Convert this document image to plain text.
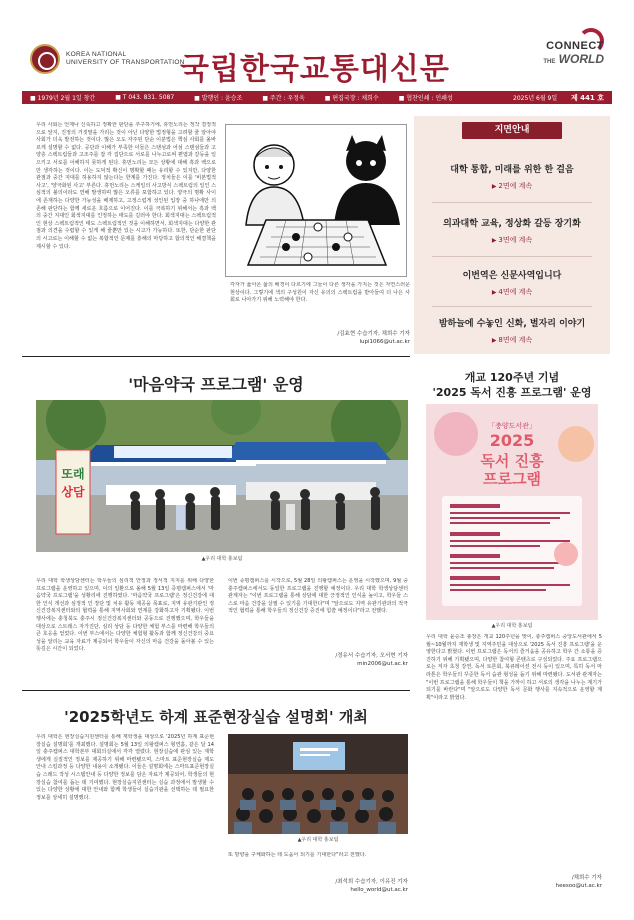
KOREA NATIONAL
UNIVERSITY OF TRANSPORTATION
국립한국교통대신문
CONNECT
THE WORLD
■ 1979년 2월 1일 창간	■ T 043. 831. 5087	■ 발행인 : 윤승조	■ 주간 : 우정욱	■ 편집국장 : 채희수	■ 협찬인쇄 : 인쇄성	2025년 6월 9일 제 441 호
우리 사회는 언제나 신속하고 정확한 판단을 추구하기에, 휴먼노리는 정작 결정적으로 앞지, 진정의 거짓말을 가리는 것이 아닌 다양한 법정형을 고려할 줄 알아야 사회가 더욱 발전하는 것이다. 많은 오도 자주된 단순 이분법은 핵심 사회를 올바르게 설명할 수 없다. 공단과 이해가 부족한 이들은 스탠섬과 어섬 스탠섬들과 고양층 스펙트럼들과 고조주를 잡 각 집단으로 서로를 나누고로써 편엽과 갈등을 일으키고 서로를 이해하지 못하게 된다. 휴먼노리는 모든 상황에 대해 흑과 백으로만 생각하는 것이다. 이는 도덕적 확신이 명확할 때는 유리할 수 있지만, 다양한 관점과 중간 지대를 허용하지 않는다는 한계를 가진다. 정치들은 이를 '비본법적 사고', '양극화된 사고' 부른다. 휴먼노리는 스케일의 사고방식 스펙트럼의 일인 스심적의 불의이라도 연해 발생하며 많은 오류를 포함하고 있다. 양극의 명확 사이에 존재하는 다양한 가능성을 배제하고, 고정스럽게 성인된 입장 중 하나에만 의존해 판단하는 함께 새로운 흐름으로 이어진다. 이를 극복하기 위해서는 흑과 백의 중간 지대인 회색지대를 인정하는 태도를 길러야 한다. 회색지대는 스펙트럼적인 현상 스펙트럼적인 태도 스펙트럼적인 것을 이해하면서, 회색지대는 다양한 관점과 의견을 수렴할 수 있게 해 줄뿐만 있는 시고가 가능하다. 또한, 단순한 판단의 시고로는 이해할 수 없는 복합적인 문제를 흥해의 마당하고 합의적인 해결책을 제시할 수 있다.
각자가 옳아온 삶의 배경이 다르기에 그들이 다른 생각을 가지는 것은 자연스러운 현상이다. 그렇기에 색의 구성원이 자신 유의의 스펙트럼을 받아들여 더 나은 사회로 나아가기 위해 노력해야 한다.
/김효현 수습기자, 채희수 기자
lupi1066@ut.ac.kr
지면안내
대학 통합, 미래를 위한 한 걸음
▶ 2면에 계속
의과대학 교육, 정상화 갈등 장기화
▶ 3면에 계속
이번역은 신문사역입니다
▶ 4면에 계속
밤하늘에 수놓인 신화, 별자리 이야기
▶ 8면에 계속
'마음약국 프로그램' 운영
또래
상담
▲우리 대학 홍보팀
우리 대학 학생상담센터는 학우들의 심리적 안정과 정서적 지지를 위해 다양한 프로그램을 운영하고 있으며, 이의 일환으로 올해 5월 13일 증평캠퍼스에서 '마음약국 프로그램'을 성황리에 진행하였다. '마음약국 프로그램'은 정신건강에 대한 인식 개선과 심정적 인 장단 및 치유 활동 제공을 목표로, 지역 유관기관인 정신건강복지센터와의 협력을 통해 지역사회와 연계를 강화하고자 기획됐다. 이번 행사에는 충청북도 충주시 정신건강복지센터와 공동으로 진행했으며, 학우들을 대상으로 스트레스 자가진단, 심리 상담 등 다양한 체험 부스를 마련해 학우들의 큰 호응을 얻었다. 이번 부스에서는 다양한 체험형 활동과 함께 정신건강의 중요성을 알리는 교육 자료가 제공되어 학우들이 자신의 마음 건강을 돌아볼 수 있는 뜻깊은 시간이 되었다.
이번 증평캠퍼스를 시작으로, 5월 28일 의왕캠퍼스는 운영을 시작했으며, 9월 중 충주캠퍼스에서도 동일한 프로그램을 진행할 예정이다. 우리 대학 학생상담센터 관계자는 "이번 프로그램을 통해 상담에 대한 긍정적인 인식을 높이고, 학우들 스스로 마음 건강을 살필 수 있기를 기대한다"며 "앞으로도 지역 유관기관과의 적극적인 협력을 통해 학우들의 정신건강 증진에 힘쓸 예정이다"라고 전했다.
/정유서 수습기자, 오서현 기자
min2006@ut.ac.kr
'2025학년도 하계 표준현장실습 설명회' 개최
우리 대학은 현장실습지원센터를 통해 재학생을 대상으로 '2025년 하계 표준현장실습 설명회'를 개최했다. 설명회는 5월 13일 의왕캠퍼스 형연홀, 같은 달 14일 충주캠퍼스 대학본부 대회의실에서 각각 열렸다. 현장실습에 관심 있는 재학생에게 실질적인 정보를 제공하기 위해 마련됐으며, 스마트 표준현장실습 제도 안내 스킬과정 등 다양한 내용이 소개됐다. 이들은 설명회에는 스마트표준현장실습 스레드 작성 시스템안내 등 다양한 정보를 담은 자료가 제공되어, 학생들의 현장실습 참여를 돕는 데 기여했다. 현장실습지원센터는 실습 과정에서 발생할 수 있는 다양한 상황에 대한 안내와 함께 학생들이 실습기관을 선택하는 데 필요한 정보를 상세히 설명했다.
▲우리 대학 홍보팀
또 방향을 구체화하는 데 도움이 되기를 기대한다"라고 전했다.
/최석희 수습기자, 이유진 기자
hello_world@ut.ac.kr
개교 120주년 기념
'2025 독서 진흥 프로그램' 운영
「충양도서관」
2025
독서 진흥
프로그램
▲우리 대학 홍보팀
우리 대학 윤승조 총장은 개교 120주년을 맞이, 충주캠퍼스 중앙도서관에서 5월~10월까지 재학생 및 지역주민을 대상으로 '2025 독서 진흥 프로그램'을 운영한다고 밝혔다. 이번 프로그램은 독서의 즐거움을 공유하고 학우 간 소통을 증진하기 위해 기획됐으며, 다양한 참여형 콘텐츠로 구성되었다. 주요 프로그램으로는 저자 초청 강연, 독서 토론회, 북큐레이션 전시 등이 있으며, 특히 독서 마라톤은 학우들의 꾸준한 독서 습관 형성을 돕기 위해 마련됐다. 도서관 관계자는 "이번 프로그램을 통해 학우들이 책을 가까이 하고 서로의 생각을 나누는 계기가 되기를 바란다"며 "앞으로도 다양한 독서 문화 행사를 지속적으로 운영할 계획"이라고 밝혔다.
/채희수 기자
heesoo@ut.ac.kr
